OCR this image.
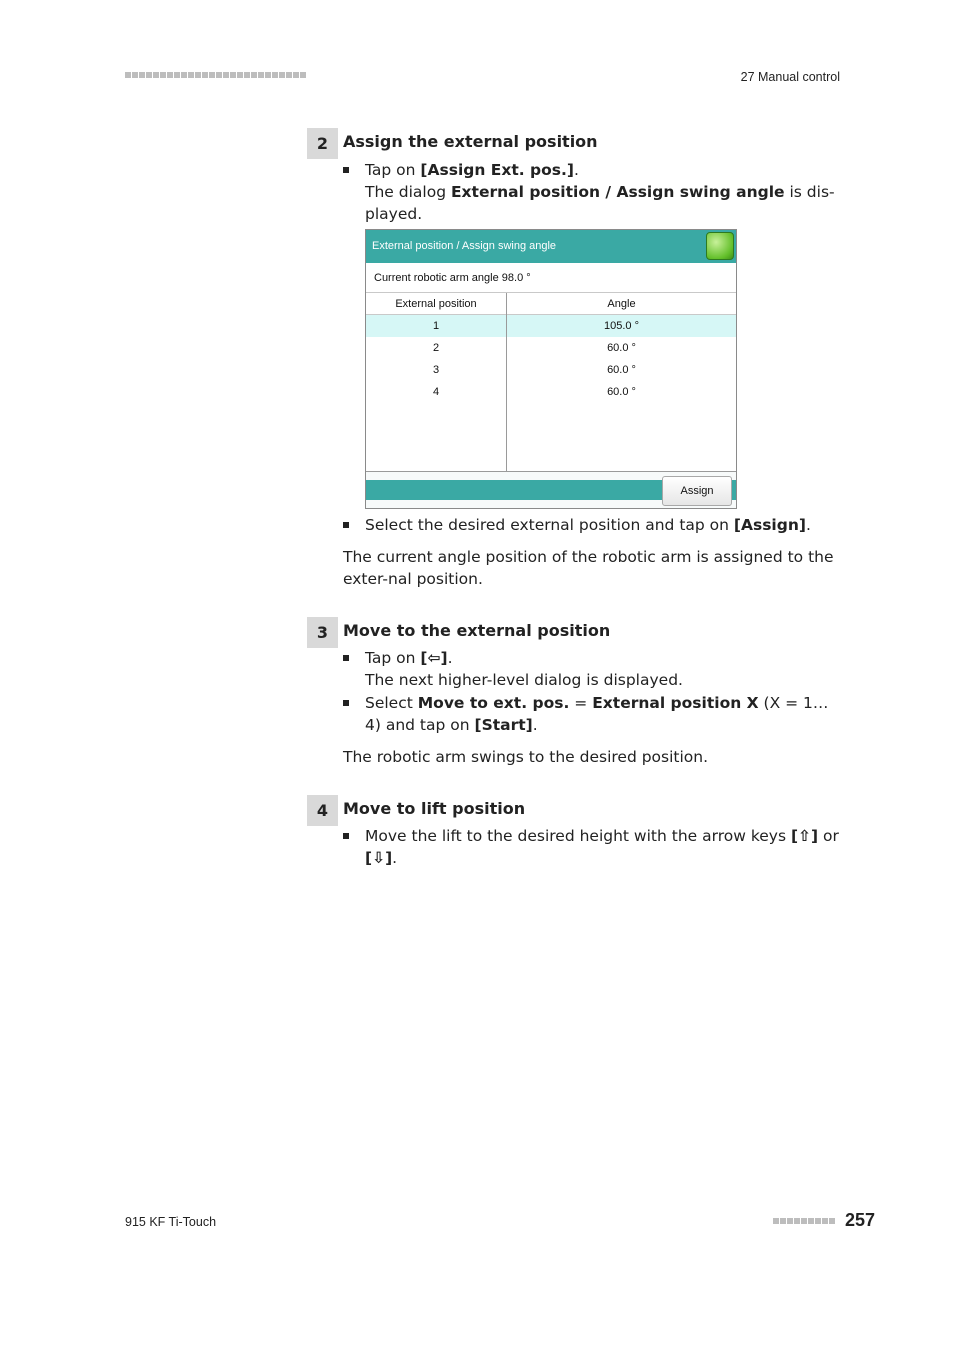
27 Manual control
2 Assign the external position
Tap on [Assign Ext. pos.].
The dialog External position / Assign swing angle is dis-played.
Select the desired external position and tap on [Assign].
The current angle position of the robotic arm is assigned to the exter-nal position.
External position / Assign swing angle
Current robotic arm angle 98.0 °
External position	Angle
1	105.0 °
2	60.0 °
3	60.0 °
4	60.0 °
Assign
3 Move to the external position
Tap on [⇦].
The next higher-level dialog is displayed.
Select Move to ext. pos. = External position X (X = 1…4) and tap on [Start].
The robotic arm swings to the desired position.
4 Move to lift position
Move the lift to the desired height with the arrow keys [⇧] or [⇩].
915 KF Ti-Touch	257
